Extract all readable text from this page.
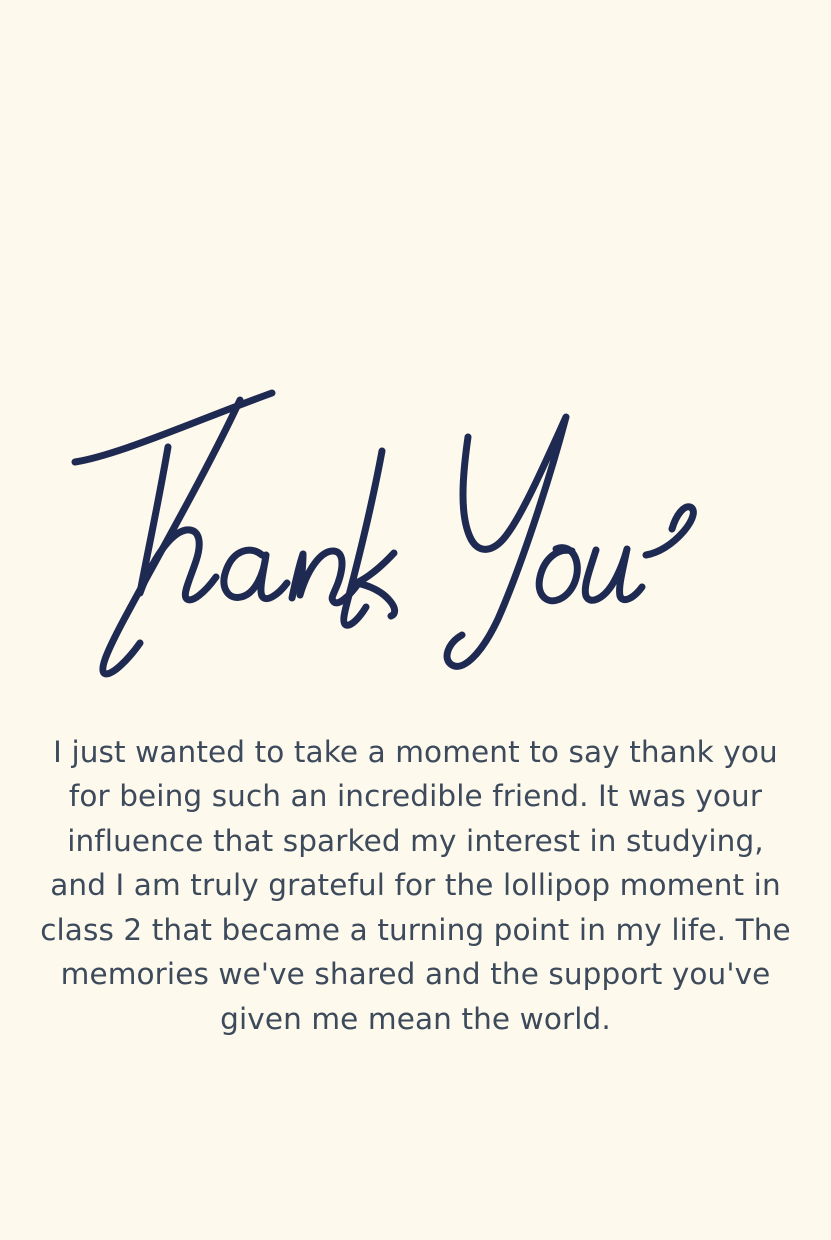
I just wanted to take a moment to say thank you for being such an incredible friend. It was your influence that sparked my interest in studying, and I am truly grateful for the lollipop moment in class 2 that became a turning point in my life. The memories we've shared and the support you've given me mean the world.
